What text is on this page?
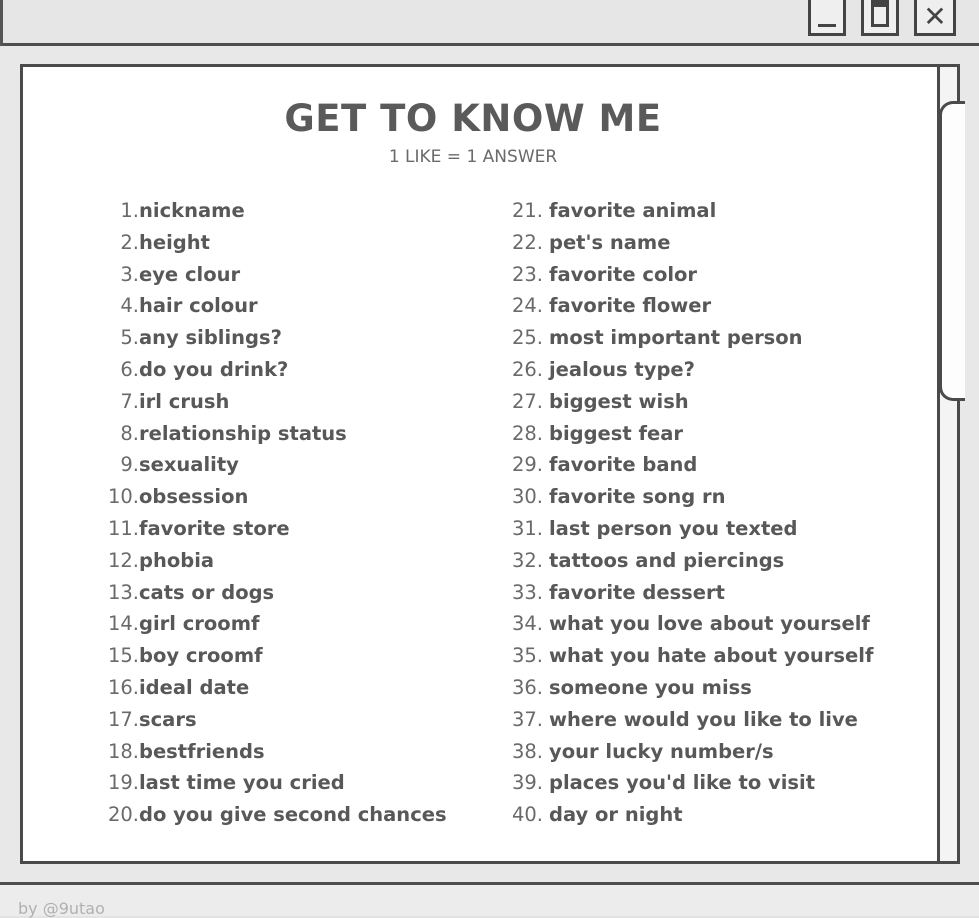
✕
GET TO KNOW ME
1 LIKE = 1 ANSWER
1.nickname
2.height
3.eye clour
4.hair colour
5.any siblings?
6.do you drink?
7.irl crush
8.relationship status
9.sexuality
10.obsession
11.favorite store
12.phobia
13.cats or dogs
14.girl croomf
15.boy croomf
16.ideal date
17.scars
18.bestfriends
19.last time you cried
20.do you give second chances
21. favorite animal
22. pet's name
23. favorite color
24. favorite flower
25. most important person
26. jealous type?
27. biggest wish
28. biggest fear
29. favorite band
30. favorite song rn
31. last person you texted
32. tattoos and piercings
33. favorite dessert
34. what you love about yourself
35. what you hate about yourself
36. someone you miss
37. where would you like to live
38. your lucky number/s
39. places you'd like to visit
40. day or night
by @9utao
